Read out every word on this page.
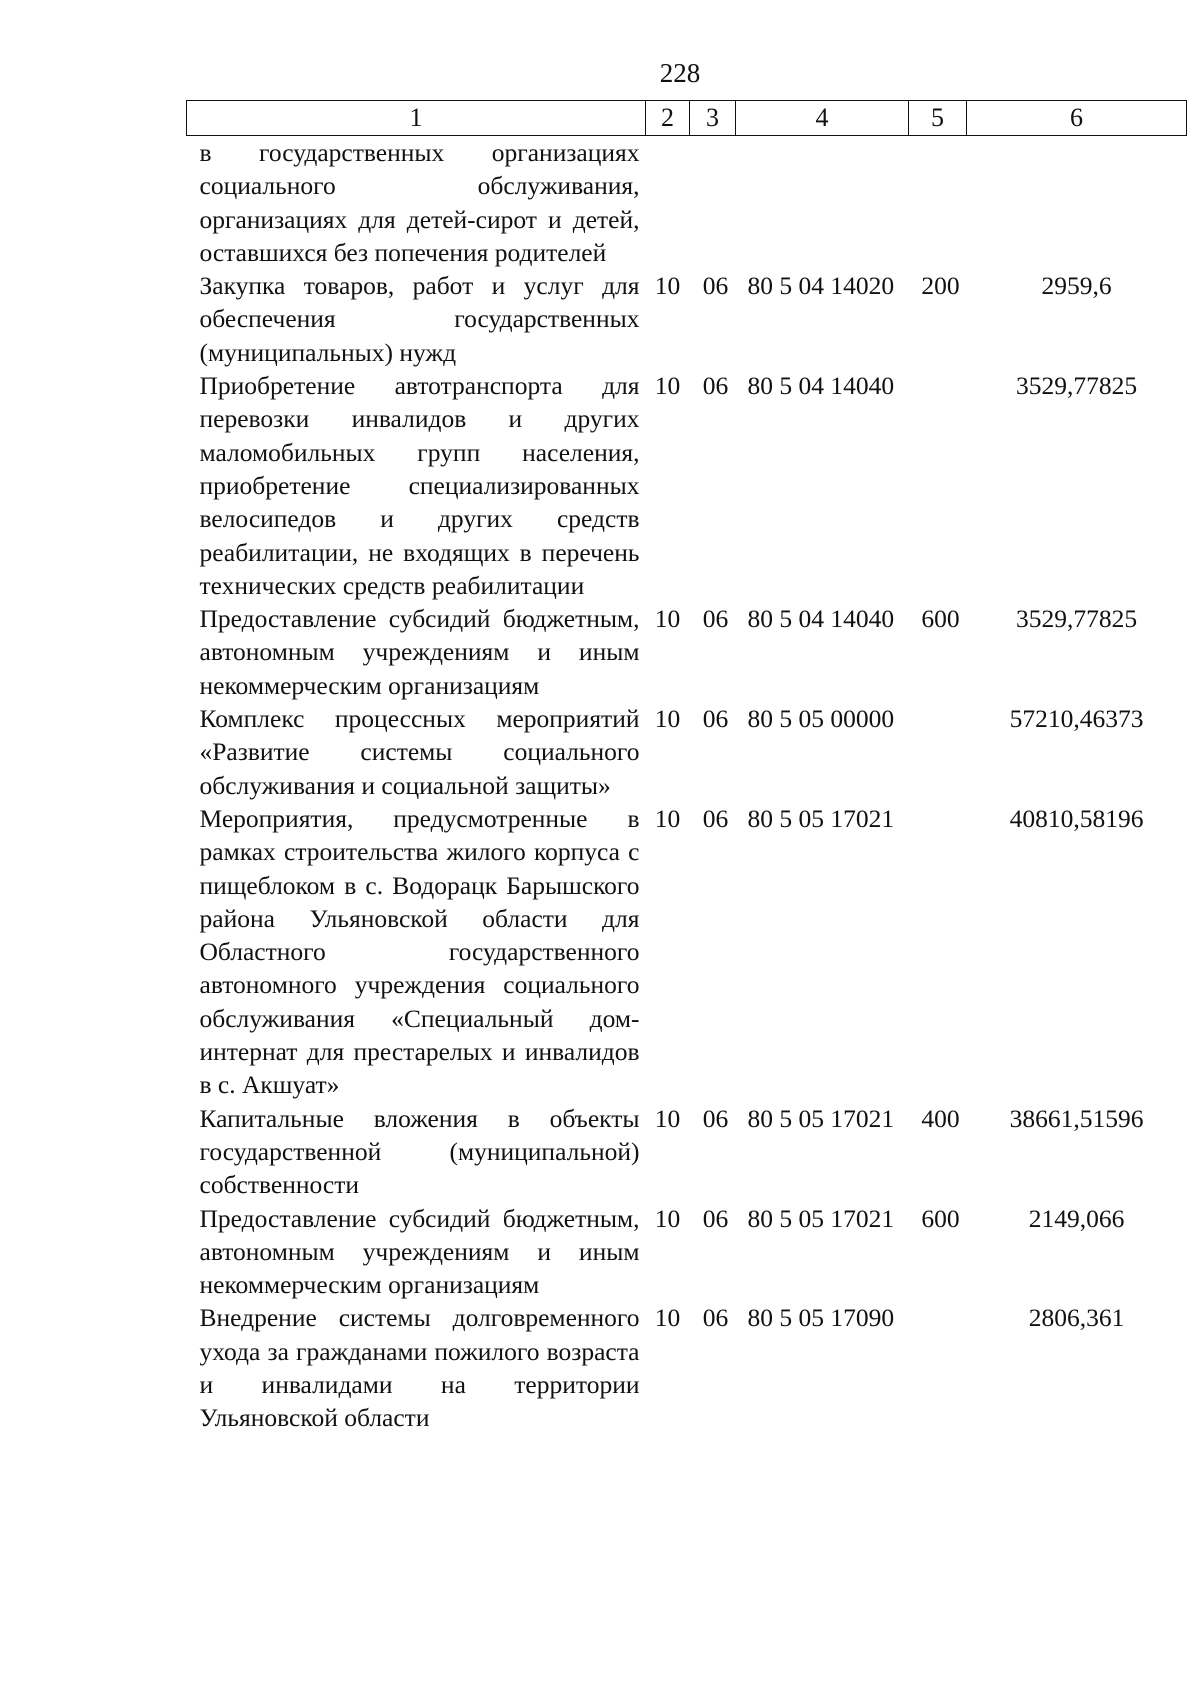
228
1	2	3	4	5	6
в государственных организациях социального обслуживания, организациях для детей-сирот и детей, оставшихся без попечения родителей					
Закупка товаров, работ и услуг для обеспечения государственных (муниципальных) нужд	10	06	80 5 04 14020	200	2959,6
Приобретение автотранспорта для перевозки инвалидов и других маломобильных групп населения, приобретение специализированных велосипедов и других средств реабилитации, не входящих в перечень технических средств реабилитации	10	06	80 5 04 14040		3529,77825
Предоставление субсидий бюджетным, автономным учреждениям и иным некоммерческим организациям	10	06	80 5 04 14040	600	3529,77825
Комплекс процессных мероприятий «Развитие системы социального обслуживания и социальной защиты»	10	06	80 5 05 00000		57210,46373
Мероприятия, предусмотренные в рамках строительства жилого корпуса с пищеблоком в с. Водорацк Барышского района Ульяновской области для Областного государственного автономного учреждения социального обслуживания «Специальный дом-интернат для престарелых и инвалидов в с. Акшуат»	10	06	80 5 05 17021		40810,58196
Капитальные вложения в объекты государственной (муниципальной) собственности	10	06	80 5 05 17021	400	38661,51596
Предоставление субсидий бюджетным, автономным учреждениям и иным некоммерческим организациям	10	06	80 5 05 17021	600	2149,066
Внедрение системы долговременного ухода за гражданами пожилого возраста и инвалидами на территории Ульяновской области	10	06	80 5 05 17090		2806,361
